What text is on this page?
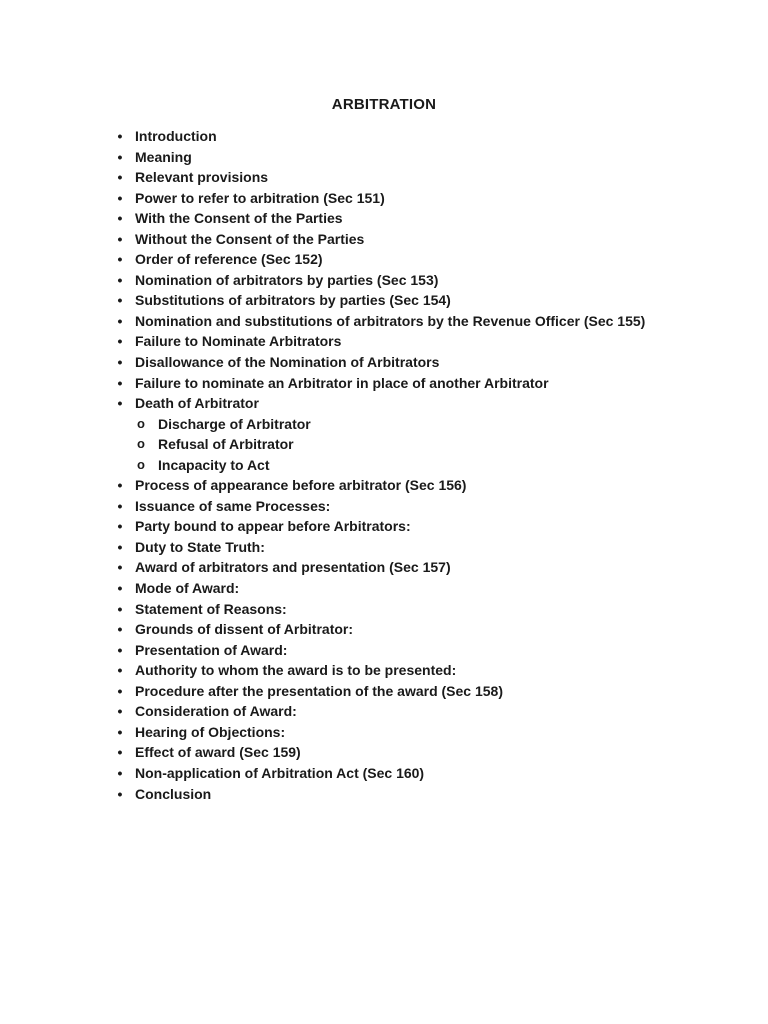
ARBITRATION
• Introduction
• Meaning
• Relevant provisions
• Power to refer to arbitration (Sec 151)
• With the Consent of the Parties
• Without the Consent of the Parties
• Order of reference (Sec 152)
• Nomination of arbitrators by parties (Sec 153)
• Substitutions of arbitrators by parties (Sec 154)
• Nomination and substitutions of arbitrators by the Revenue Officer (Sec 155)
• Failure to Nominate Arbitrators
• Disallowance of the Nomination of Arbitrators
• Failure to nominate an Arbitrator in place of another Arbitrator
• Death of Arbitrator
o Discharge of Arbitrator
o Refusal of Arbitrator
o Incapacity to Act
• Process of appearance before arbitrator (Sec 156)
• Issuance of same Processes:
• Party bound to appear before Arbitrators:
• Duty to State Truth:
• Award of arbitrators and presentation (Sec 157)
• Mode of Award:
• Statement of Reasons:
• Grounds of dissent of Arbitrator:
• Presentation of Award:
• Authority to whom the award is to be presented:
• Procedure after the presentation of the award (Sec 158)
• Consideration of Award:
• Hearing of Objections:
• Effect of award (Sec 159)
• Non-application of Arbitration Act (Sec 160)
• Conclusion
